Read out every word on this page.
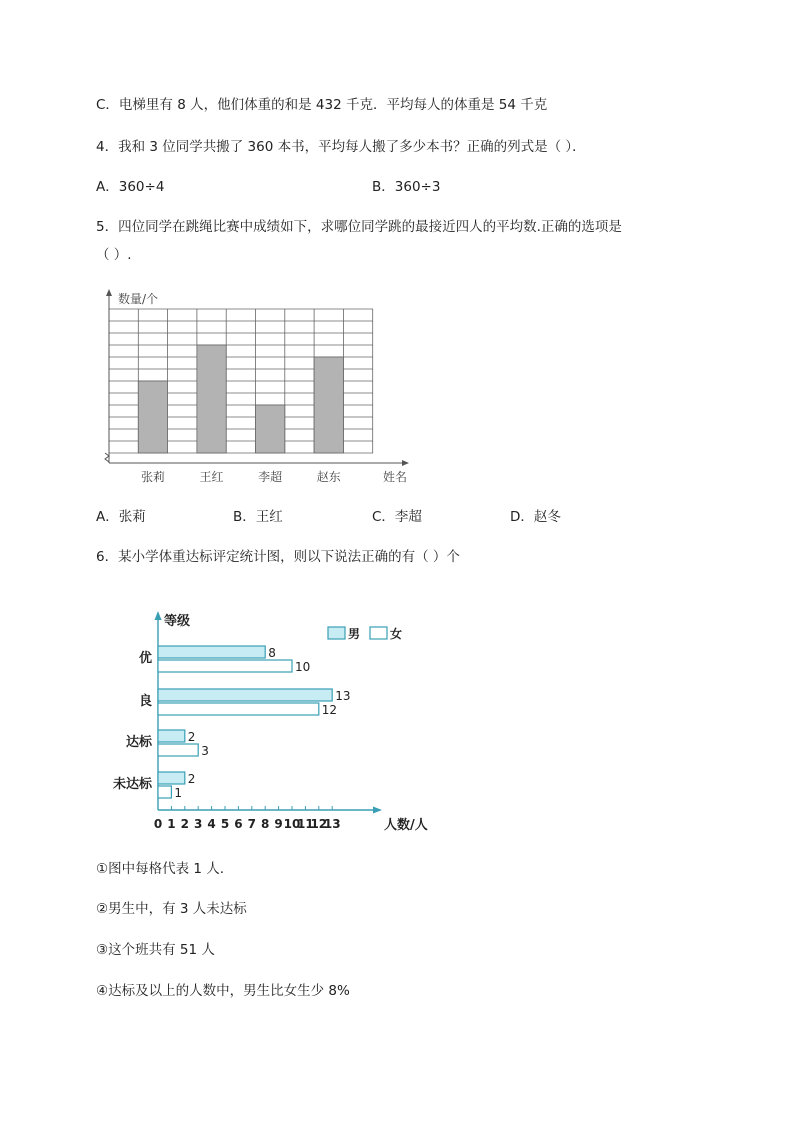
C．电梯里有 8 人，他们体重的和是 432 千克．平均每人的体重是 54 千克
4．我和 3 位同学共搬了 360 本书，平均每人搬了多少本书？正确的列式是（ ）．
A．360÷4	B．360÷3
5．四位同学在跳绳比赛中成绩如下，求哪位同学跳的最接近四人的平均数.正确的选项是
（ ）.
数量/个
姓名
张莉	王红	李超	赵东
A．张莉	B．王红	C．李超	D．赵冬
6．某小学体重达标评定统计图，则以下说法正确的有（ ）个
等级
人数/人
男 女
8
10
13
12
2
3
2
1
优
良
达标
未达标
0 1 2 3 4 5 6 7 8 9 10
11
12
13
①图中每格代表 1 人.
②男生中，有 3 人未达标
③这个班共有 51 人
④达标及以上的人数中，男生比女生少 8%
